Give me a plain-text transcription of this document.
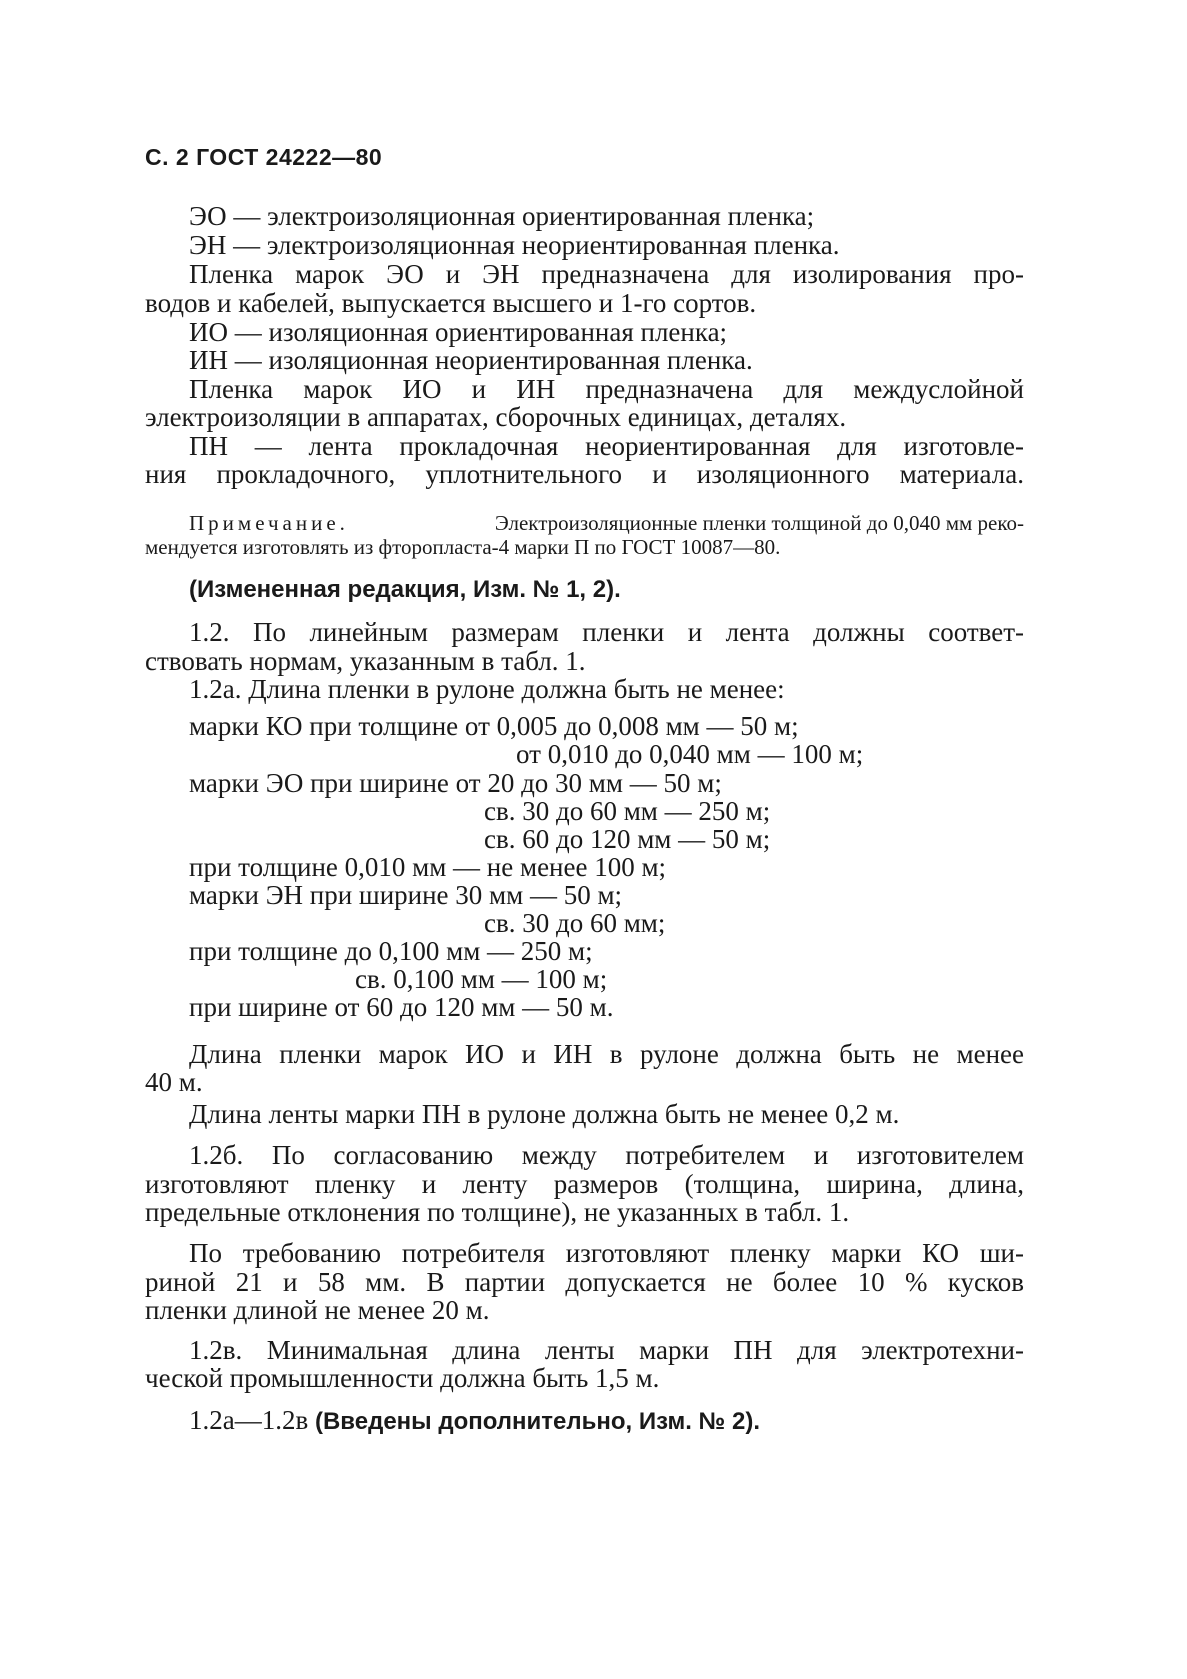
С. 2 ГОСТ 24222—80
ЭО — электроизоляционная ориентированная пленка;
ЭН — электроизоляционная неориентированная пленка.
Пленка марок ЭО и ЭН предназначена для изолирования про-
водов и кабелей, выпускается высшего и 1-го сортов.
ИО — изоляционная ориентированная пленка;
ИН — изоляционная неориентированная пленка.
Пленка марок ИО и ИН предназначена для междуслойной
электроизоляции в аппаратах, сборочных единицах, деталях.
ПН — лента прокладочная неориентированная для изготовле-
ния прокладочного, уплотнительного и изоляционного материала.
Примечание.	Электроизоляционные пленки толщиной до 0,040 мм реко-
мендуется изготовлять из фторопласта-4 марки П по ГОСТ 10087—80.
(Измененная редакция, Изм. № 1, 2).
1.2. По линейным размерам пленки и лента должны соответ-
ствовать нормам, указанным в табл. 1.
1.2а. Длина пленки в рулоне должна быть не менее:
марки КО при толщине от 0,005 до 0,008 мм — 50 м;
от 0,010 до 0,040 мм — 100 м;
марки ЭО при ширине от 20 до 30 мм — 50 м;
св. 30 до 60 мм — 250 м;
св. 60 до 120 мм — 50 м;
при толщине 0,010 мм — не менее 100 м;
марки ЭН при ширине 30 мм — 50 м;
св. 30 до 60 мм;
при толщине до 0,100 мм — 250 м;
св. 0,100 мм — 100 м;
при ширине от 60 до 120 мм — 50 м.
Длина пленки марок ИО и ИН в рулоне должна быть не менее
40 м.
Длина ленты марки ПН в рулоне должна быть не менее 0,2 м.
1.2б. По согласованию между потребителем и изготовителем
изготовляют пленку и ленту размеров (толщина, ширина, длина,
предельные отклонения по толщине), не указанных в табл. 1.
По требованию потребителя изготовляют пленку марки КО ши-
риной 21 и 58 мм. В партии допускается не более 10 % кусков
пленки длиной не менее 20 м.
1.2в. Минимальная длина ленты марки ПН для электротехни-
ческой промышленности должна быть 1,5 м.
1.2а—1.2в (Введены дополнительно, Изм. № 2).
